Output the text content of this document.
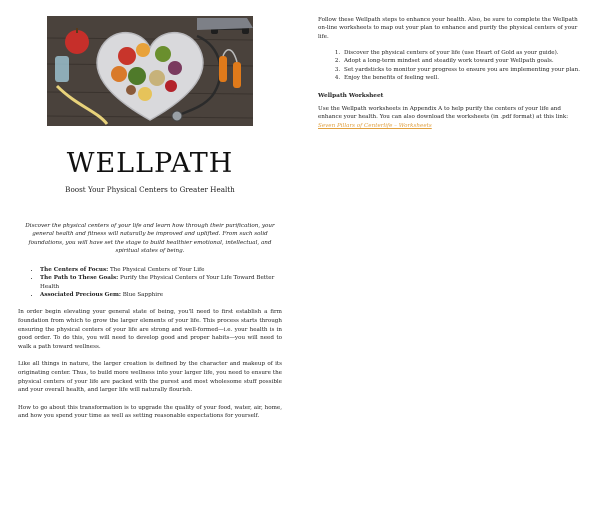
WELLPATH
Boost Your Physical Centers to Greater Health
Discover the physical centers of your life and learn how through their purification, your general health and fitness will naturally be improved and uplifted. From such solid foundations, you will have set the stage to build healthier emotional, intellectual, and spiritual states of being.
• The Centers of Focus: The Physical Centers of Your Life
• The Path to These Goals: Purify the Physical Centers of Your Life Toward Better Health
• Associated Precious Gem: Blue Sapphire

In order begin elevating your general state of being, you'll need to first establish a firm foundation from which to grow the larger elements of your life. This process starts through ensuring the physical centers of your life are strong and well-formed—i.e. your health is in good order. To do this, you will need to develop good and proper habits—you will need to walk a path toward wellness.

Like all things in nature, the larger creation is defined by the character and makeup of its originating center. Thus, to build more wellness into your larger life, you need to ensure the physical centers of your life are packed with the purest and most wholesome stuff possible and your overall health, and larger life will naturally flourish.

How to go about this transformation is to upgrade the quality of your food, water, air, home, and how you spend your time as well as setting reasonable expectations for yourself.

Follow these Wellpath steps to enhance your health. Also, be sure to complete the Wellpath on-line worksheets to map out your plan to enhance and purify the physical centers of your life.

1. Discover the physical centers of your life (use Heart of Gold as your guide).
2. Adopt a long-term mindset and steadily work toward your Wellpath goals.
3. Set yardsticks to monitor your progress to ensure you are implementing your plan.
4. Enjoy the benefits of feeling well.
Wellpath Worksheet

Use the Wellpath worksheets in Appendix A to help purify the centers of your life and enhance your health. You can also download the worksheets (in .pdf format) at this link: Seven Pillars of Centerlife – Worksheets
